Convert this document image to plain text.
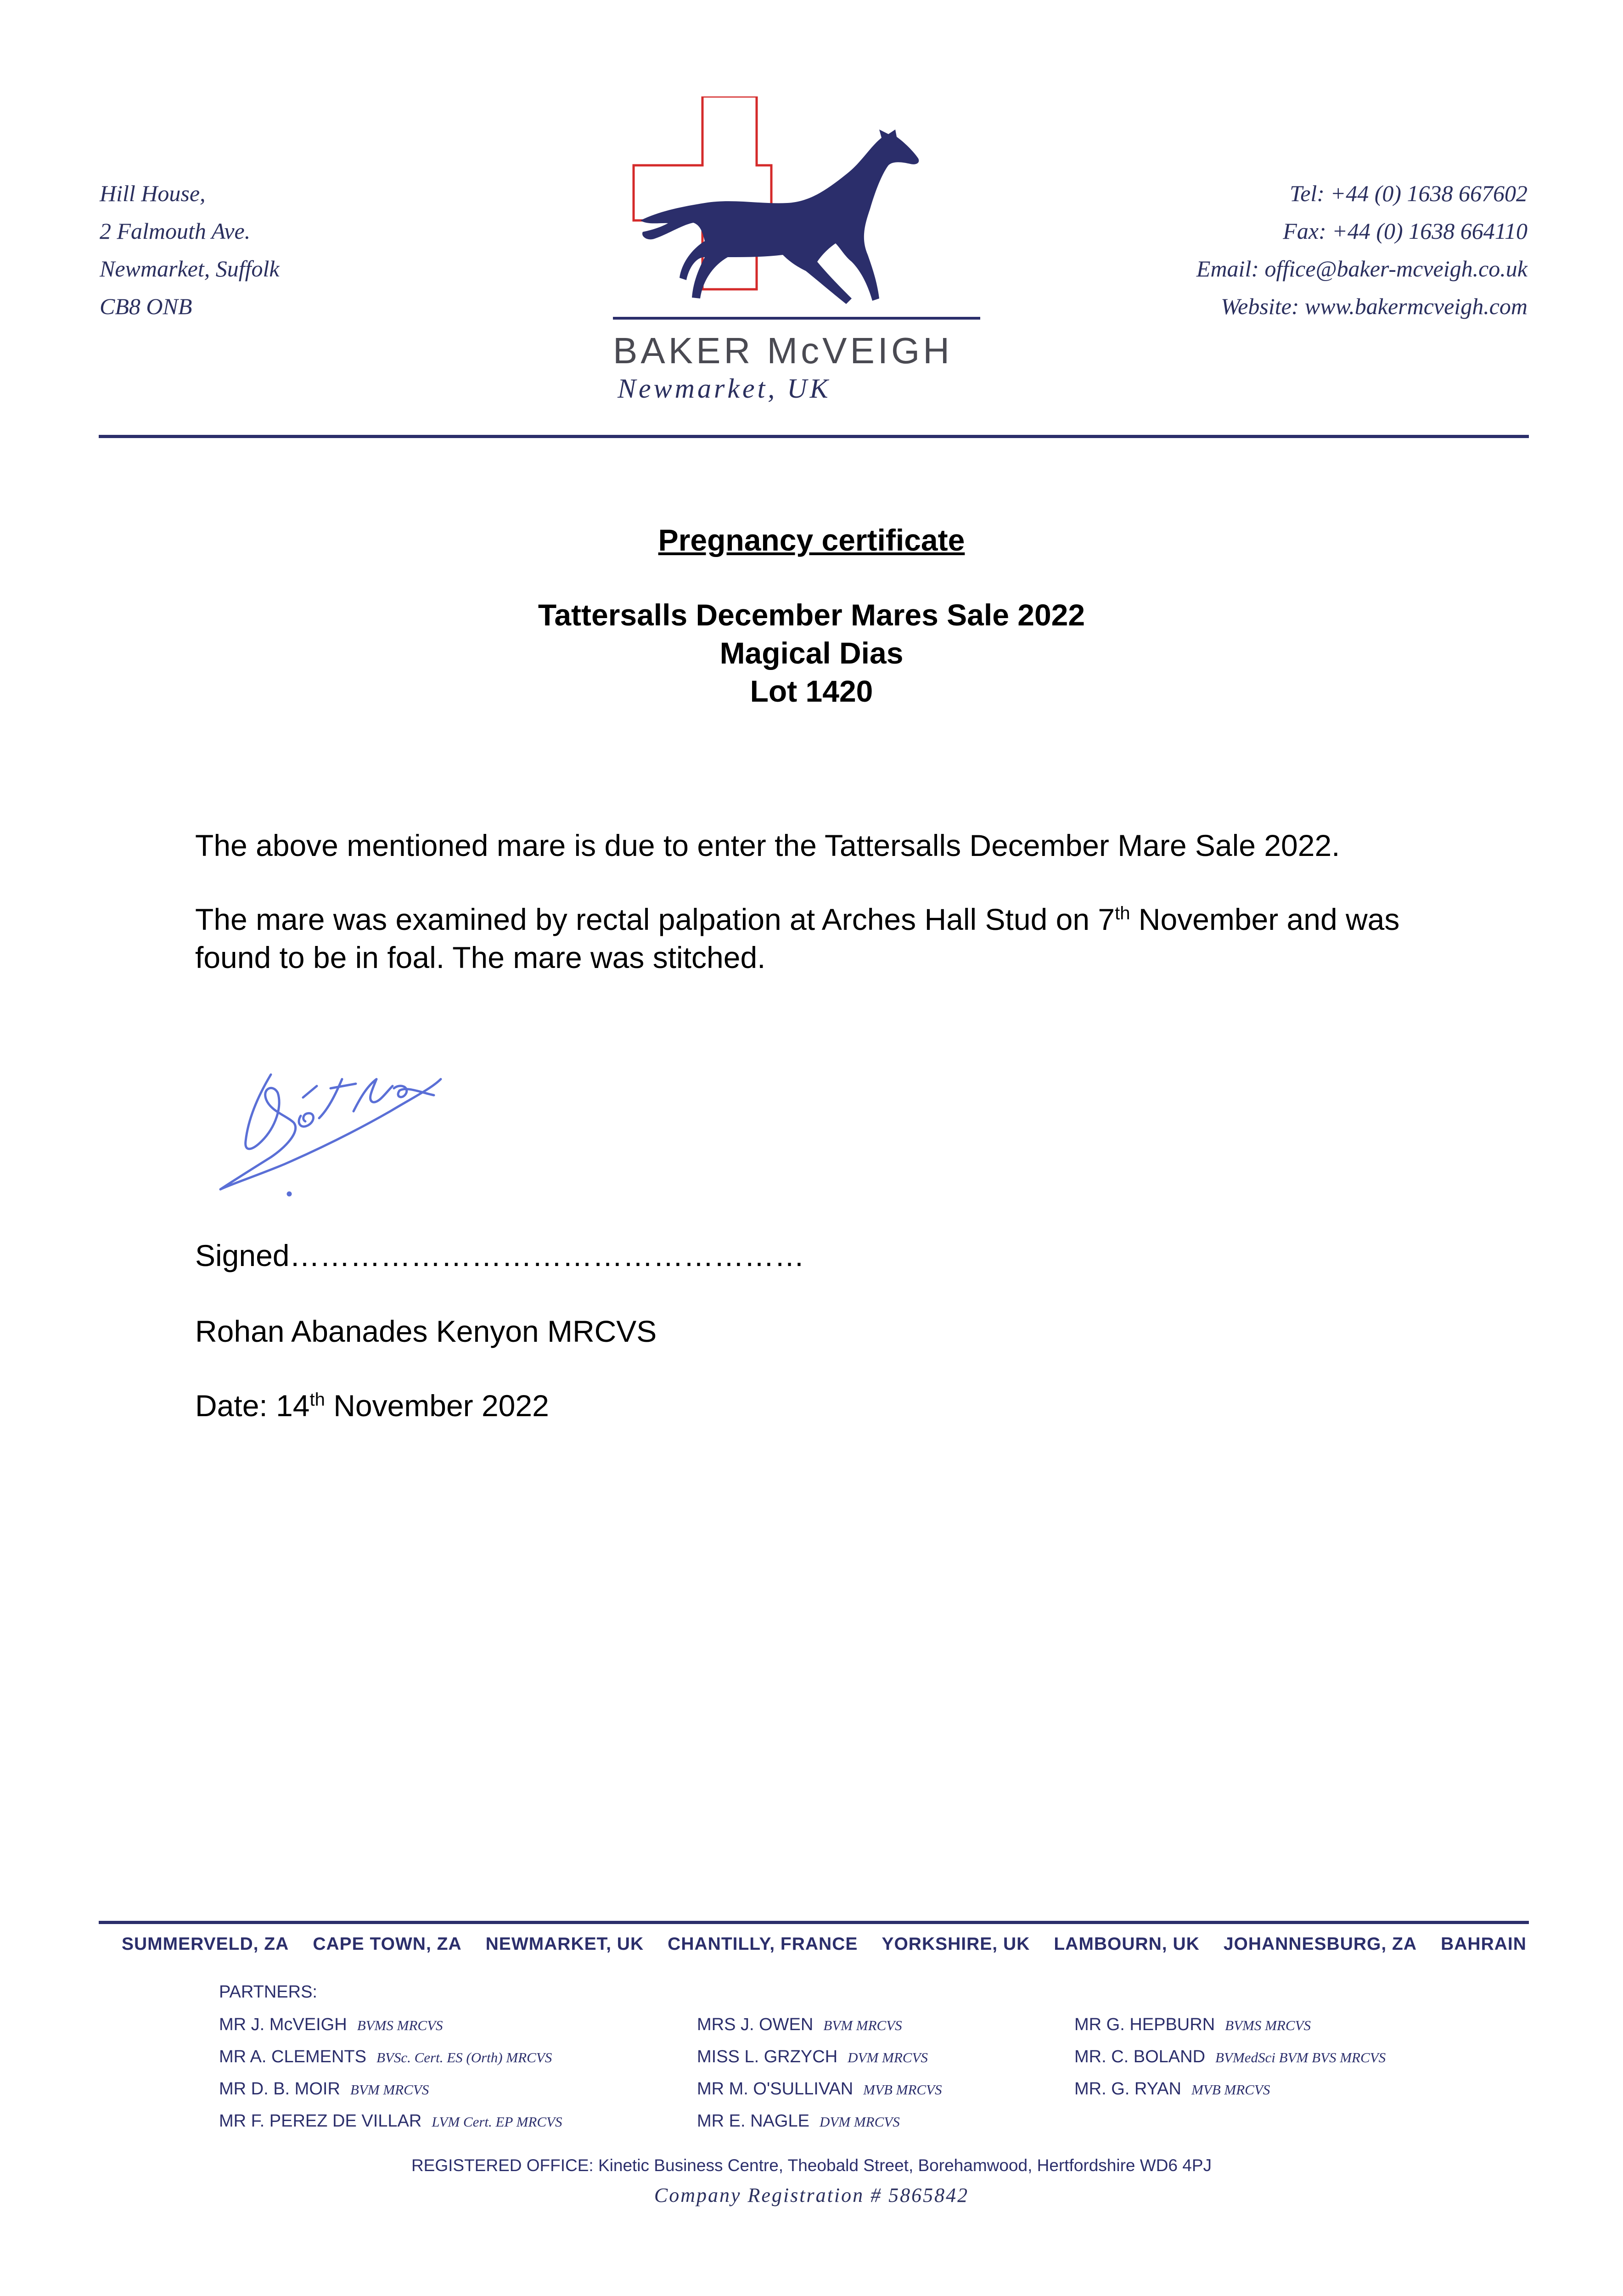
Hill House,
2 Falmouth Ave.
Newmarket, Suffolk
CB8 ONB
BAKER McVEIGH
Newmarket, UK
Tel: +44 (0) 1638 667602
Fax: +44 (0) 1638 664110
Email: office@baker-mcveigh.co.uk
Website: www.bakermcveigh.com
Pregnancy certificate
Tattersalls December Mares Sale 2022
Magical Dias
Lot 1420
The above mentioned mare is due to enter the Tattersalls December Mare Sale 2022.
The mare was examined by rectal palpation at Arches Hall Stud on 7th November and was found to be in foal. The mare was stitched.
Signed……………………………………………
Rohan Abanades Kenyon MRCVS
Date: 14th November 2022
SUMMERVELD, ZA CAPE TOWN, ZA NEWMARKET, UK CHANTILLY, FRANCE YORKSHIRE, UK LAMBOURN, UK JOHANNESBURG, ZA BAHRAIN
PARTNERS:
MR J. McVEIGH BVMS MRCVS
MR A. CLEMENTS BVSc. Cert. ES (Orth) MRCVS
MR D. B. MOIR BVM MRCVS
MR F. PEREZ DE VILLAR LVM Cert. EP MRCVS
MRS J. OWEN BVM MRCVS
MISS L. GRZYCH DVM MRCVS
MR M. O'SULLIVAN MVB MRCVS
MR E. NAGLE DVM MRCVS
MR G. HEPBURN BVMS MRCVS
MR. C. BOLAND BVMedSci BVM BVS MRCVS
MR. G. RYAN MVB MRCVS
REGISTERED OFFICE: Kinetic Business Centre, Theobald Street, Borehamwood, Hertfordshire WD6 4PJ
Company Registration # 5865842
